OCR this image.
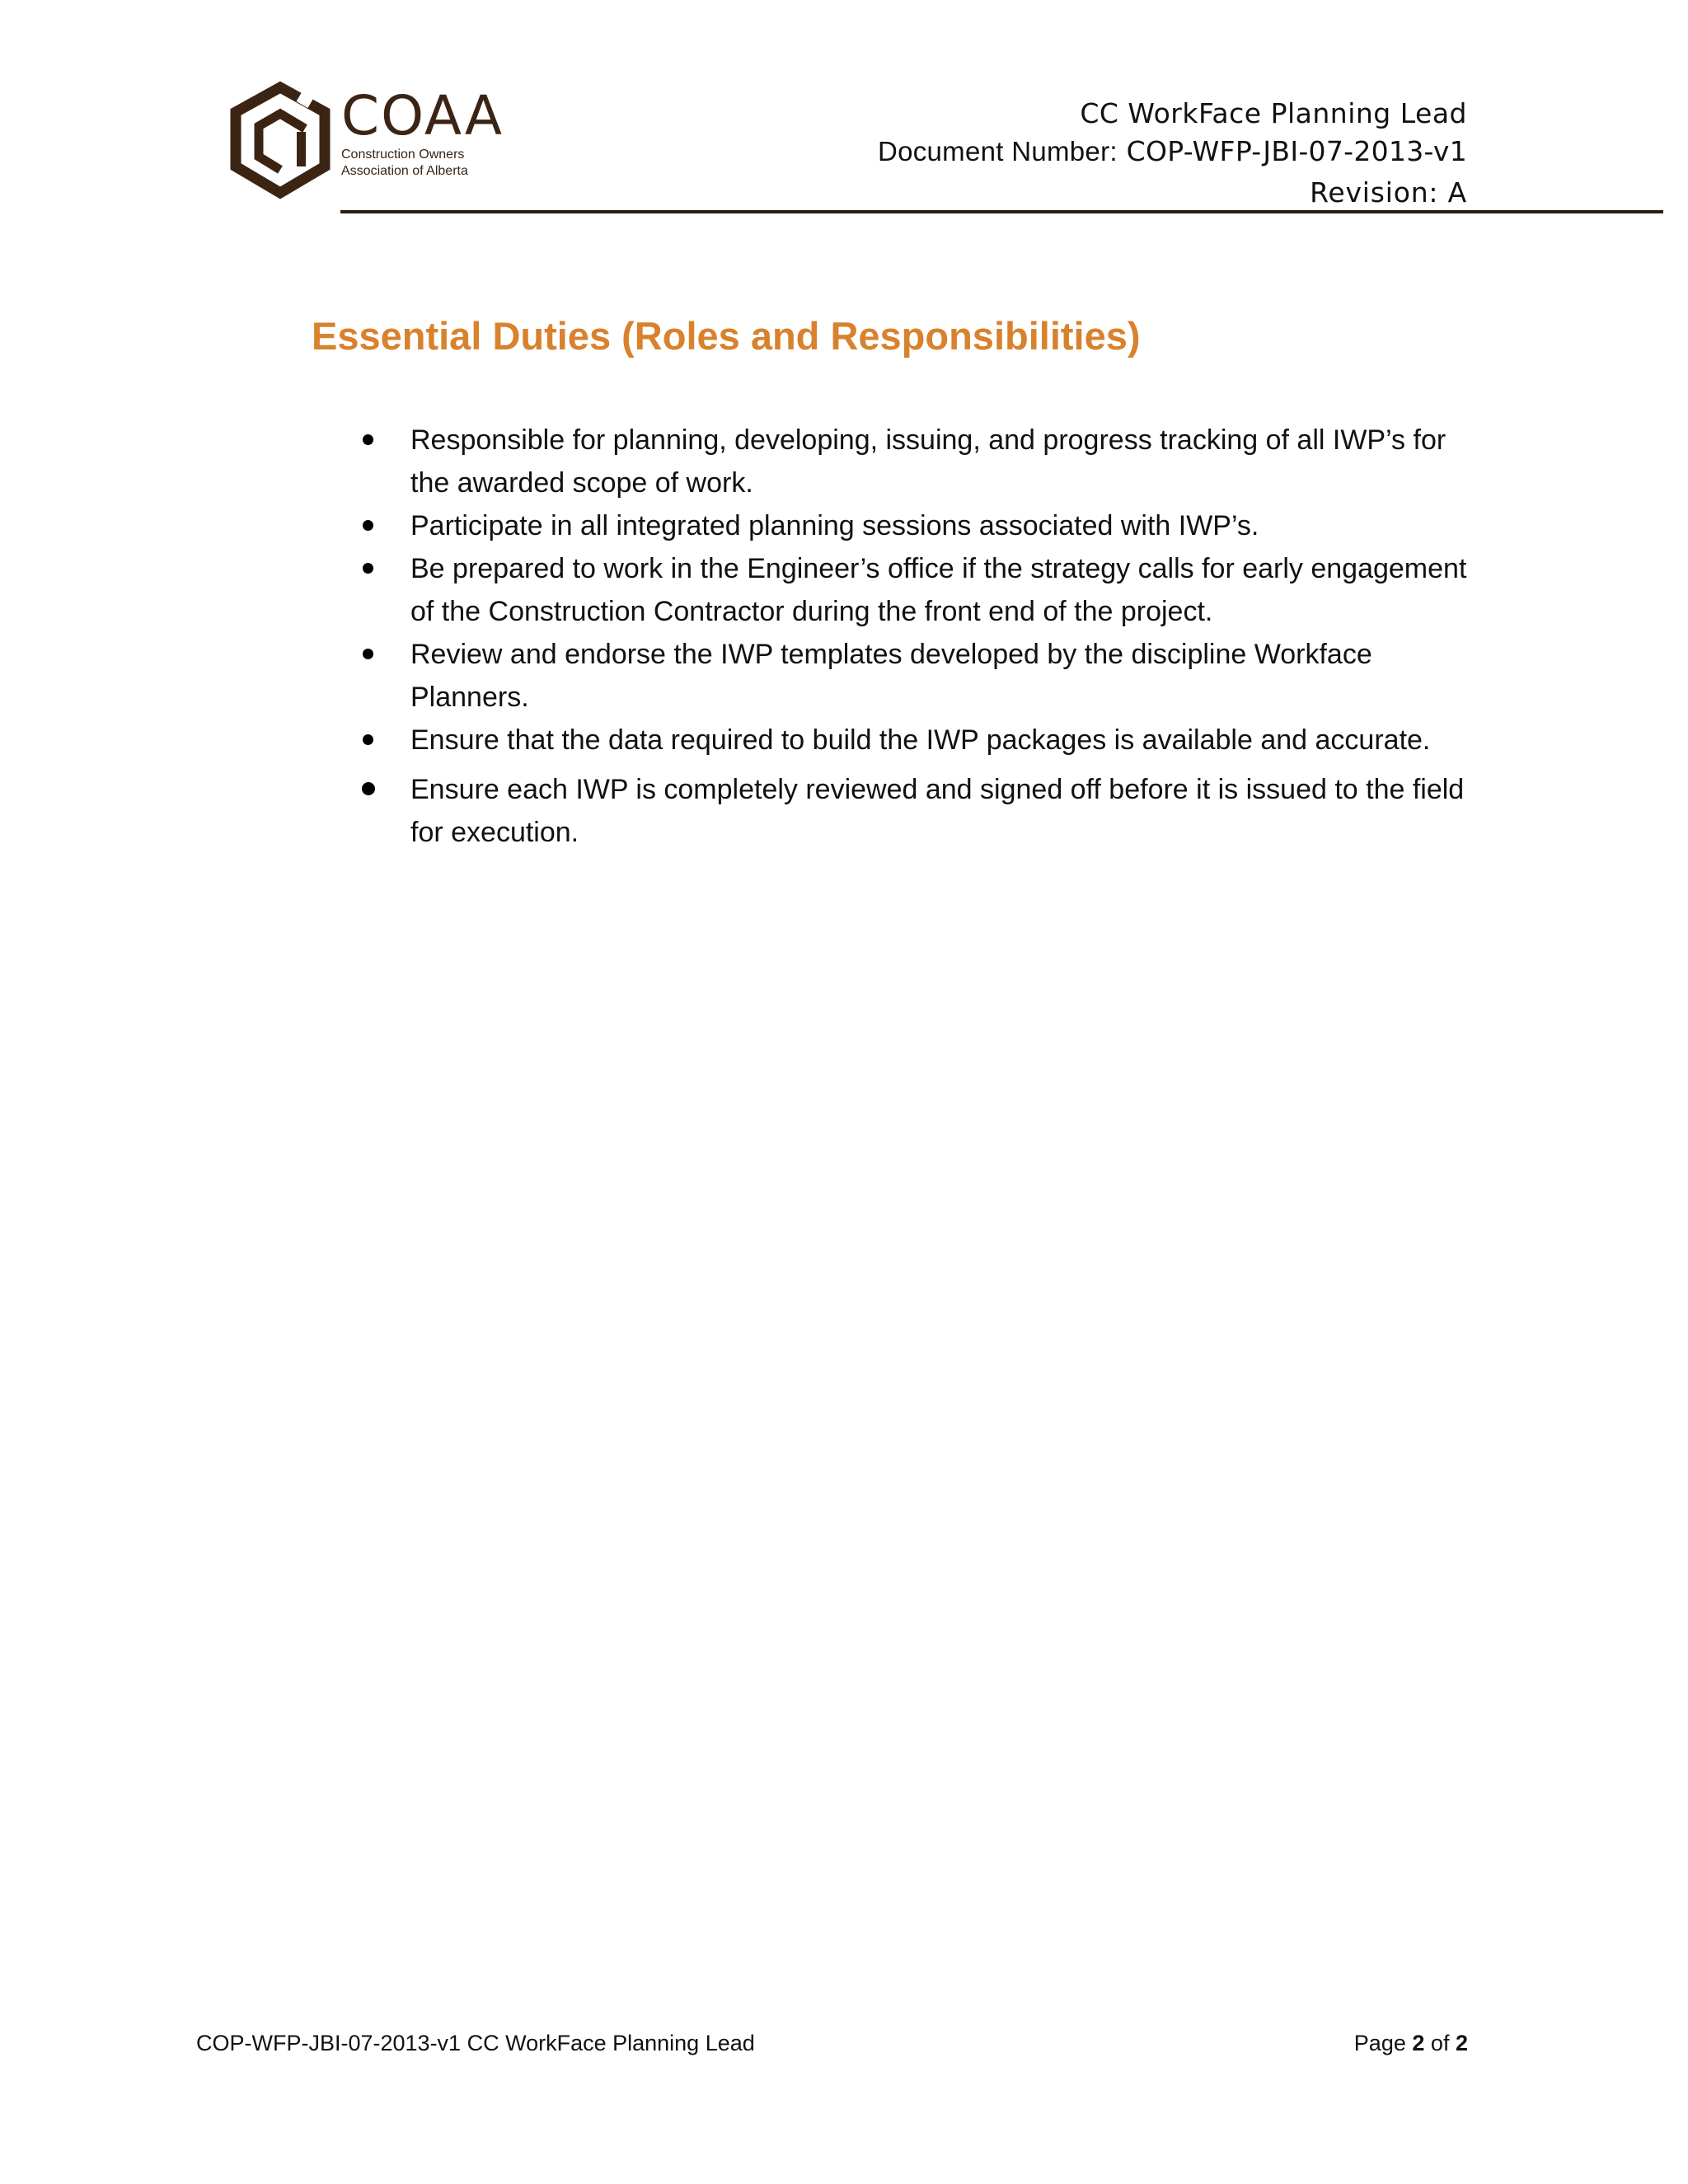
COAA
Construction Owners
Association of Alberta
CC WorkFace Planning Lead
Document Number: COP-WFP-JBI-07-2013-v1
Revision: A
Essential Duties (Roles and Responsibilities)
Responsible for planning, developing, issuing, and progress tracking of all IWP’s for the awarded scope of work.
Participate in all integrated planning sessions associated with IWP’s.
Be prepared to work in the Engineer’s office if the strategy calls for early engagement of the Construction Contractor during the front end of the project.
Review and endorse the IWP templates developed by the discipline Workface Planners.
Ensure that the data required to build the IWP packages is available and accurate.
Ensure each IWP is completely reviewed and signed off before it is issued to the field for execution.
COP-WFP-JBI-07-2013-v1 CC WorkFace Planning Lead	Page 2 of 2
